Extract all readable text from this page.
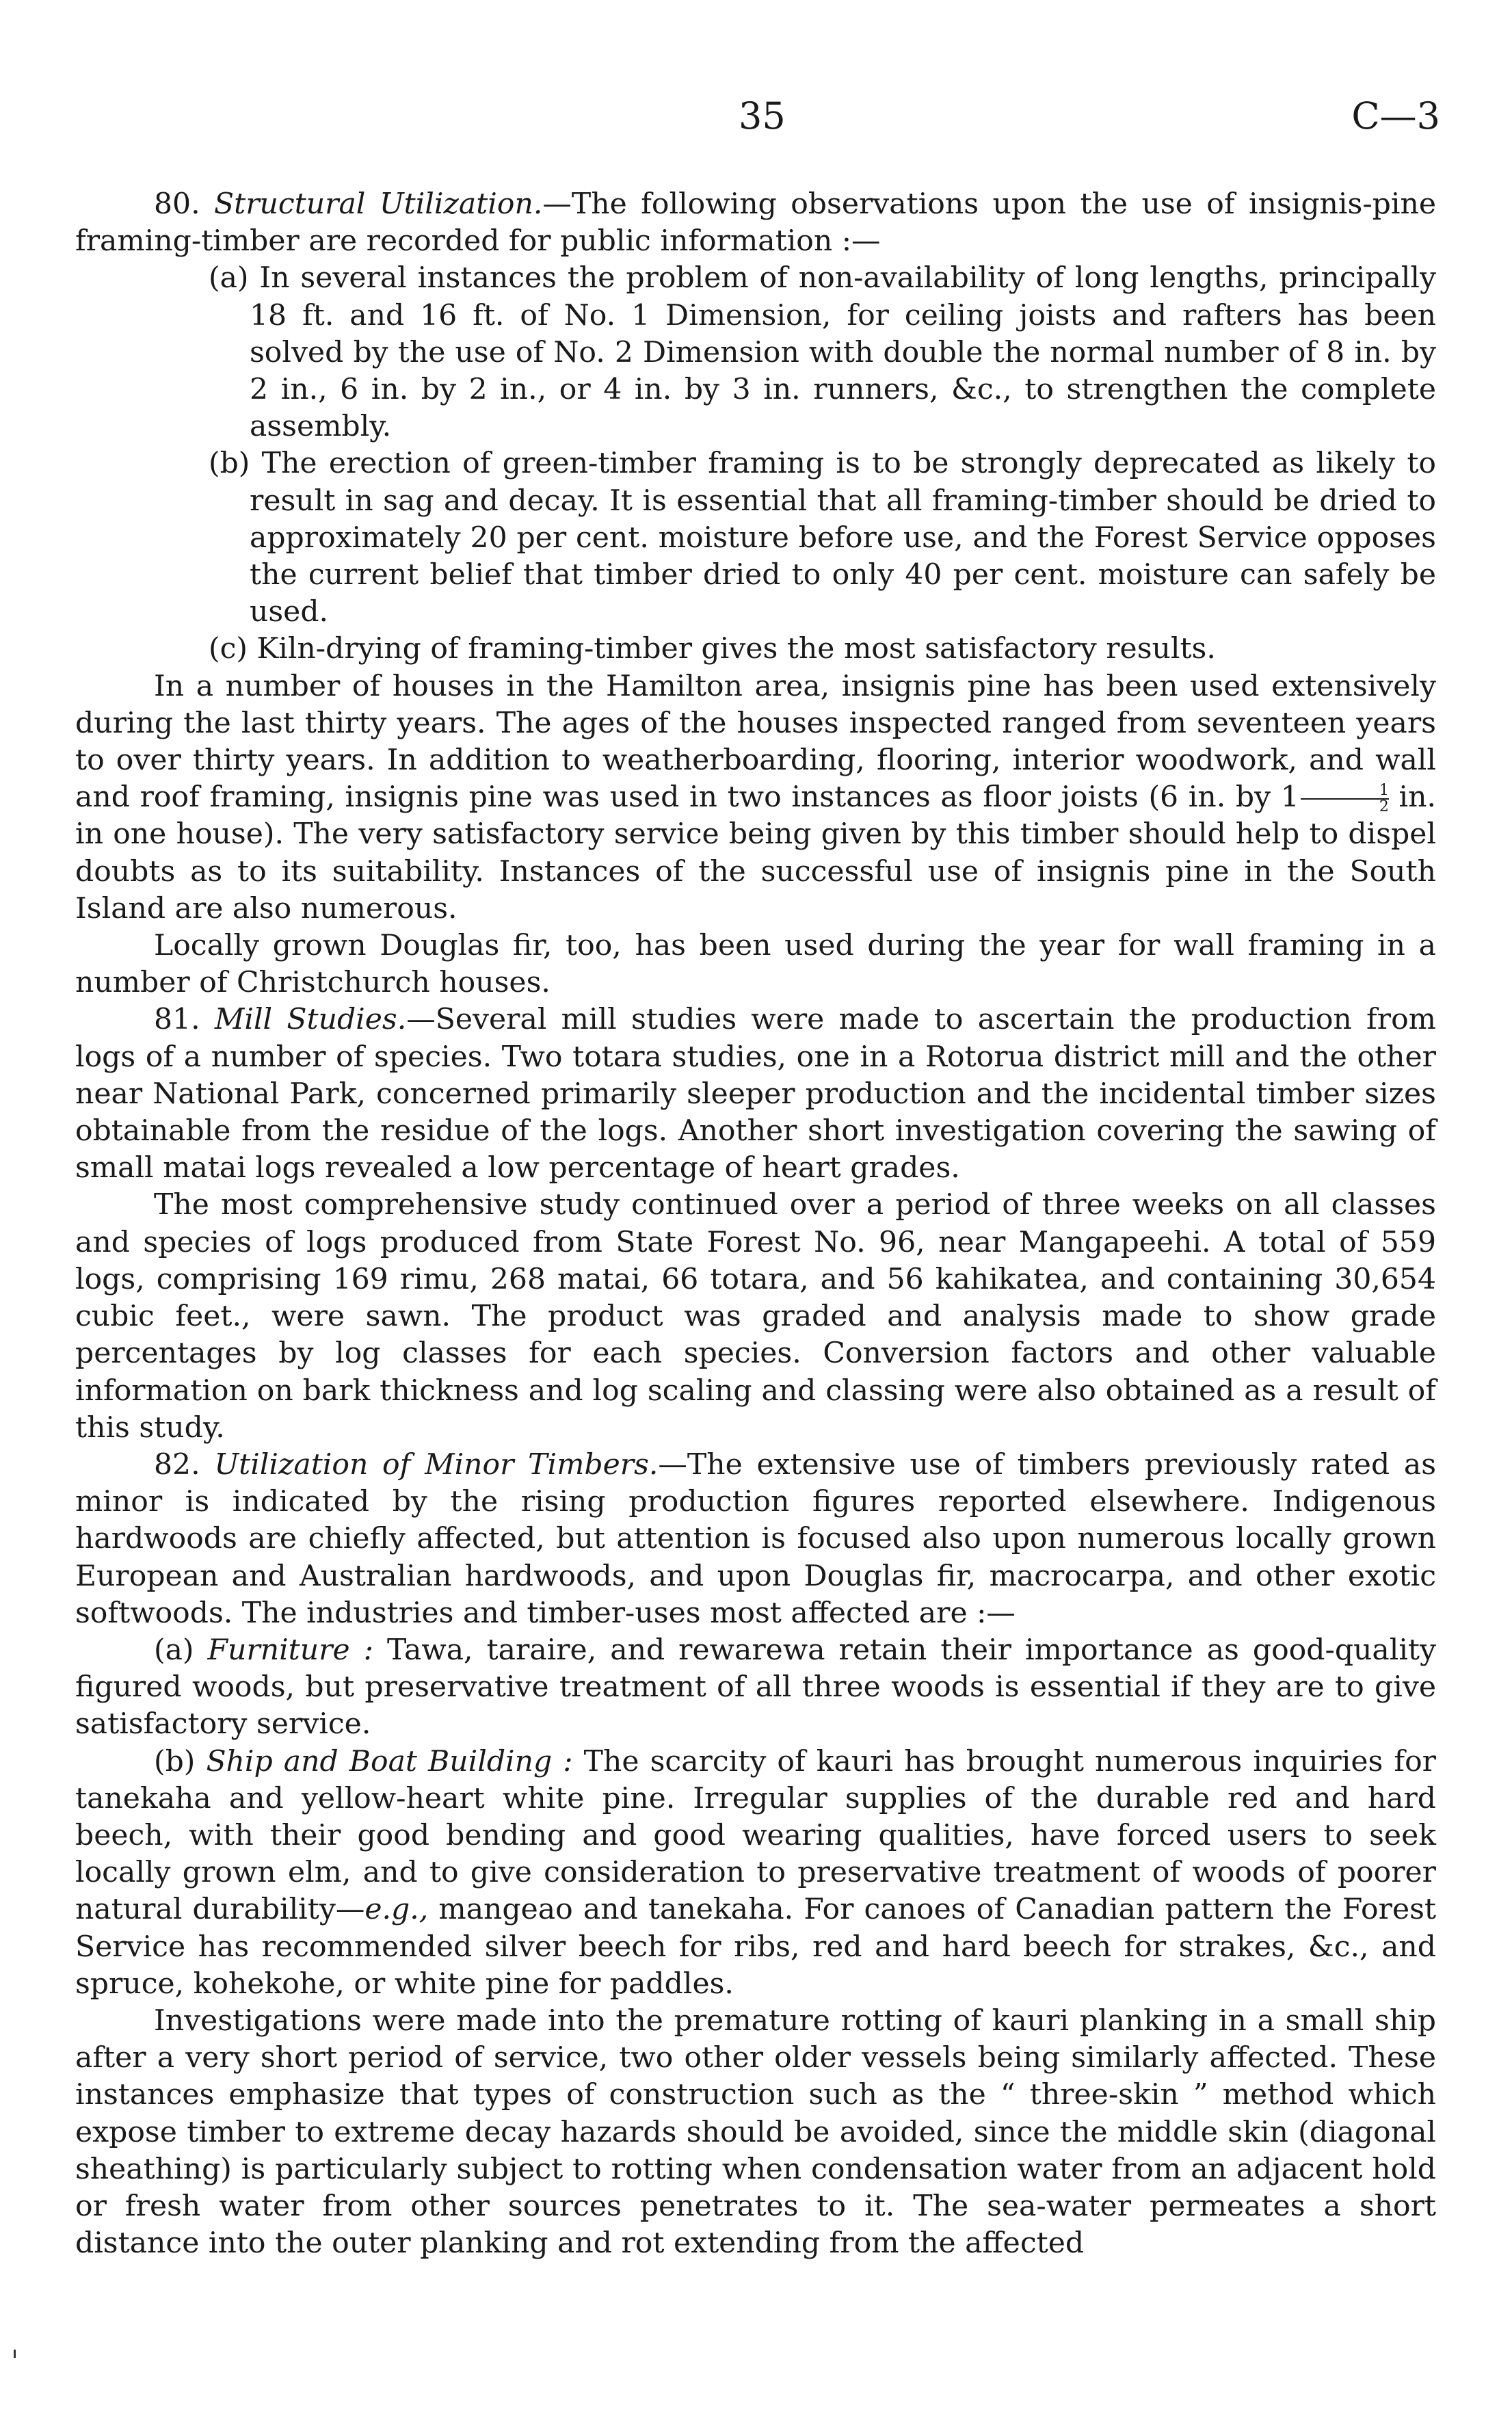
35	C—3

80. Structural Utilization.—The following observations upon the use of insignis-pine framing-timber are recorded for public information :—

(a) In several instances the problem of non-availability of long lengths, principally 18 ft. and 16 ft. of No. 1 Dimension, for ceiling joists and rafters has been solved by the use of No. 2 Dimension with double the normal number of 8 in. by 2 in., 6 in. by 2 in., or 4 in. by 3 in. runners, &c., to strengthen the complete assembly.

(b) The erection of green-timber framing is to be strongly deprecated as likely to result in sag and decay. It is essential that all framing-timber should be dried to approximately 20 per cent. moisture before use, and the Forest Service opposes the current belief that timber dried to only 40 per cent. moisture can safely be used.

(c) Kiln-drying of framing-timber gives the most satisfactory results.

In a number of houses in the Hamilton area, insignis pine has been used extensively during the last thirty years. The ages of the houses inspected ranged from seventeen years to over thirty years. In addition to weatherboarding, flooring, interior woodwork, and wall and roof framing, insignis pine was used in two instances as floor joists (6 in. by $1 \frac{1}{2}$ in. in one house). The very satisfactory service being given by this timber should help to dispel doubts as to its suitability. Instances of the successful use of insignis pine in the South Island are also numerous.

Locally grown Douglas fir, too, has been used during the year for wall framing in a number of Christchurch houses.

81. Mill Studies.—Several mill studies were made to ascertain the production from logs of a number of species. Two totara studies, one in a Rotorua district mill and the other near National Park, concerned primarily sleeper production and the incidental timber sizes obtainable from the residue of the logs. Another short investigation covering the sawing of small matai logs revealed a low percentage of heart grades.

The most comprehensive study continued over a period of three weeks on all classes and species of logs produced from State Forest No. 96, near Mangapeehi. A total of 559 logs, comprising 169 rimu, 268 matai, 66 totara, and 56 kahikatea, and containing 30,654 cubic feet., were sawn. The product was graded and analysis made to show grade percentages by log classes for each species. Conversion factors and other valuable information on bark thickness and log scaling and classing were also obtained as a result of this study.

82. Utilization of Minor Timbers.—The extensive use of timbers previously rated as minor is indicated by the rising production figures reported elsewhere. Indigenous hardwoods are chiefly affected, but attention is focused also upon numerous locally grown European and Australian hardwoods, and upon Douglas fir, macrocarpa, and other exotic softwoods. The industries and timber-uses most affected are :—

(a) Furniture : Tawa, taraire, and rewarewa retain their importance as good-quality figured woods, but preservative treatment of all three woods is essential if they are to give satisfactory service.

(b) Ship and Boat Building : The scarcity of kauri has brought numerous inquiries for tanekaha and yellow-heart white pine. Irregular supplies of the durable red and hard beech, with their good bending and good wearing qualities, have forced users to seek locally grown elm, and to give consideration to preservative treatment of woods of poorer natural durability—e.g., mangeao and tanekaha. For canoes of Canadian pattern the Forest Service has recommended silver beech for ribs, red and hard beech for strakes, &c., and spruce, kohekohe, or white pine for paddles.

Investigations were made into the premature rotting of kauri planking in a small ship after a very short period of service, two other older vessels being similarly affected. These instances emphasize that types of construction such as the “ three-skin ” method which expose timber to extreme decay hazards should be avoided, since the middle skin (diagonal sheathing) is particularly subject to rotting when condensation water from an adjacent hold or fresh water from other sources penetrates to it. The sea-water permeates a short distance into the outer planking and rot extending from the affected
